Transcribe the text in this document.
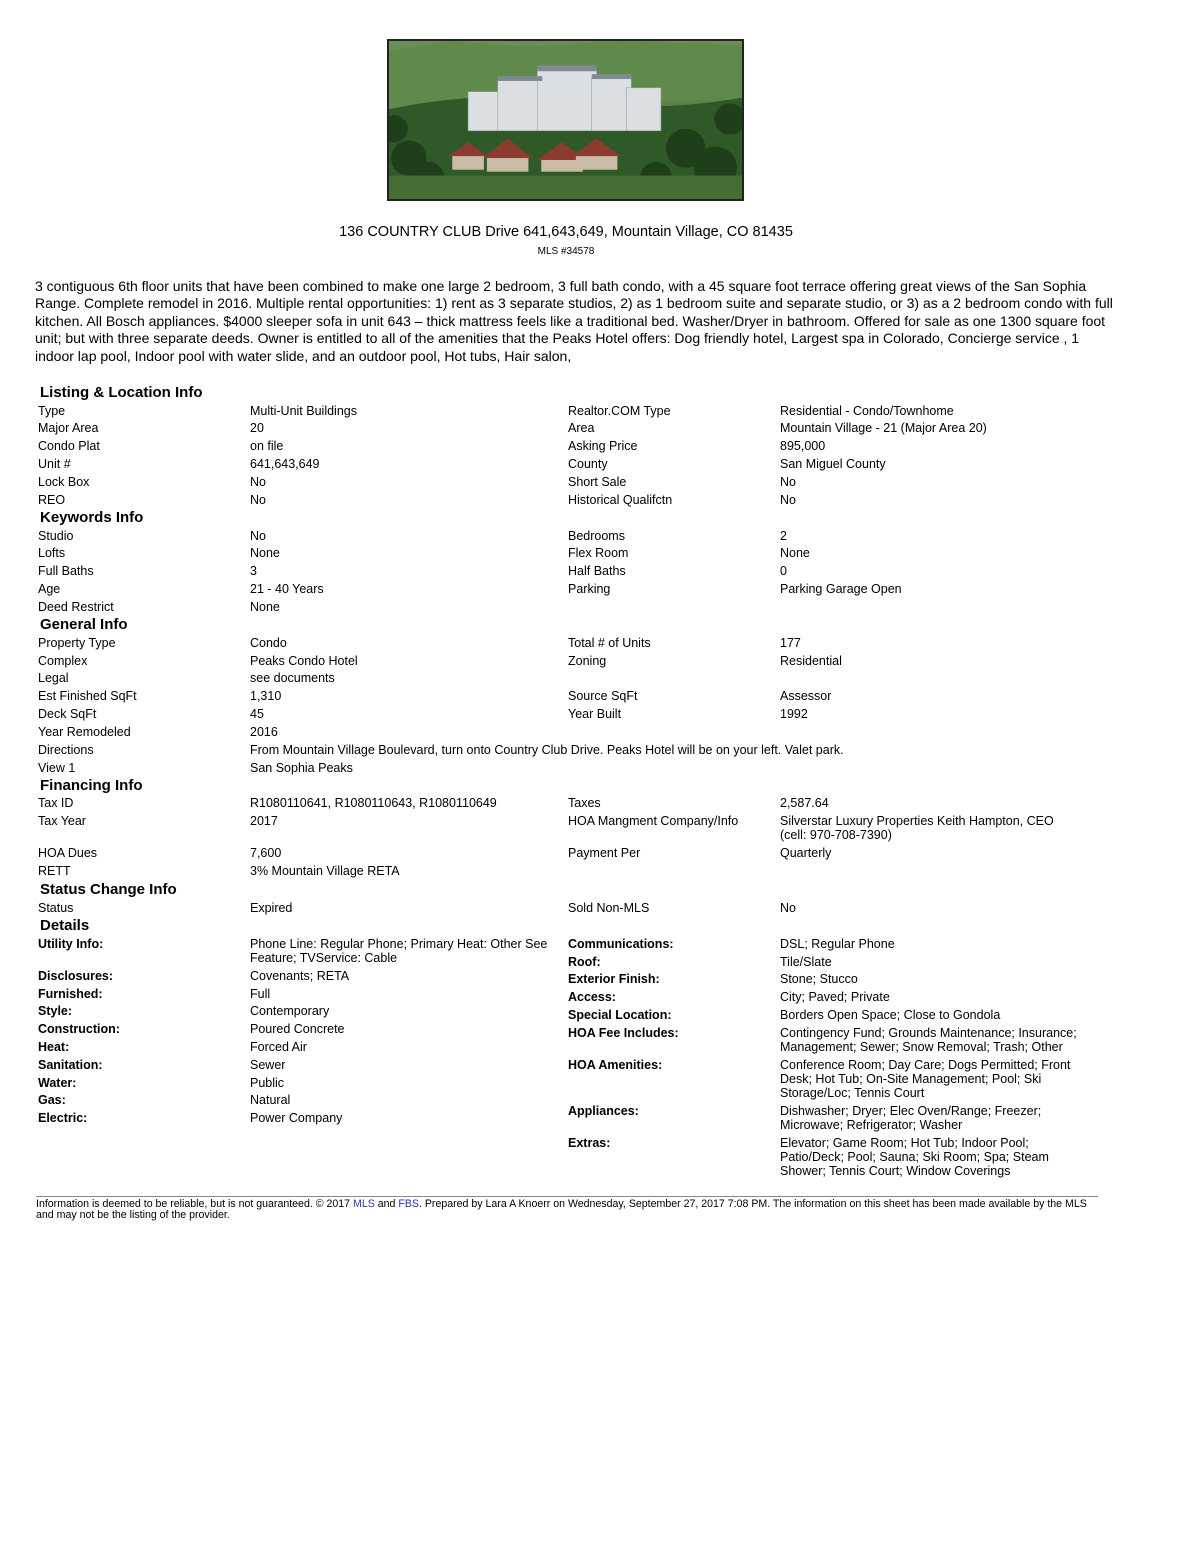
136 COUNTRY CLUB Drive 641,643,649, Mountain Village, CO 81435
MLS #34578
3 contiguous 6th floor units that have been combined to make one large 2 bedroom, 3 full bath condo, with a 45 square foot terrace offering great views of the San Sophia Range. Complete remodel in 2016. Multiple rental opportunities: 1) rent as 3 separate studios, 2) as 1 bedroom suite and separate studio, or 3) as a 2 bedroom condo with full kitchen. All Bosch appliances. $4000 sleeper sofa in unit 643 – thick mattress feels like a traditional bed. Washer/Dryer in bathroom. Offered for sale as one 1300 square foot unit; but with three separate deeds. Owner is entitled to all of the amenities that the Peaks Hotel offers: Dog friendly hotel, Largest spa in Colorado, Concierge service , 1 indoor lap pool, Indoor pool with water slide, and an outdoor pool, Hot tubs, Hair salon,
Listing & Location Info
Type	Multi-Unit Buildings	Realtor.COM Type	Residential - Condo/Townhome
Major Area	20	Area	Mountain Village - 21 (Major Area 20)
Condo Plat	on file	Asking Price	895,000
Unit #	641,643,649	County	San Miguel County
Lock Box	No	Short Sale	No
REO	No	Historical Qualifctn	No
Keywords Info
Studio	No	Bedrooms	2
Lofts	None	Flex Room	None
Full Baths	3	Half Baths	0
Age	21 - 40 Years	Parking	Parking Garage Open
Deed Restrict	None
General Info
Property Type	Condo	Total # of Units	177
Complex	Peaks Condo Hotel	Zoning	Residential
Legal	see documents
Est Finished SqFt	1,310	Source SqFt	Assessor
Deck SqFt	45	Year Built	1992
Year Remodeled	2016
Directions	From Mountain Village Boulevard, turn onto Country Club Drive. Peaks Hotel will be on your left. Valet park.
View 1	San Sophia Peaks
Financing Info
Tax ID	R1080110641, R1080110643, R1080110649	Taxes	2,587.64
Tax Year	2017	HOA Mangment Company/Info	Silverstar Luxury Properties Keith Hampton, CEO (cell: 970-708-7390)
HOA Dues	7,600	Payment Per	Quarterly
RETT	3% Mountain Village RETA
Status Change Info
Status	Expired	Sold Non-MLS	No
Details
Utility Info:	Phone Line: Regular Phone; Primary Heat: Other See Feature; TVService: Cable
Communications:	DSL; Regular Phone
Roof:	Tile/Slate
Disclosures:	Covenants; RETA	Exterior Finish:	Stone; Stucco
Furnished:	Full	Access:	City; Paved; Private
Style:	Contemporary	Special Location:	Borders Open Space; Close to Gondola
Construction:	Poured Concrete	HOA Fee Includes:	Contingency Fund; Grounds Maintenance; Insurance; Management; Sewer; Snow Removal; Trash; Other
Heat:	Forced Air
Sanitation:	Sewer	HOA Amenities:	Conference Room; Day Care; Dogs Permitted; Front Desk; Hot Tub; On-Site Management; Pool; Ski Storage/Loc; Tennis Court
Water:	Public
Gas:	Natural
Appliances:	Dishwasher; Dryer; Elec Oven/Range; Freezer; Microwave; Refrigerator; Washer
Electric:	Power Company
Extras:	Elevator; Game Room; Hot Tub; Indoor Pool; Patio/Deck; Pool; Sauna; Ski Room; Spa; Steam Shower; Tennis Court; Window Coverings
Information is deemed to be reliable, but is not guaranteed. © 2017 MLS and FBS. Prepared by Lara A Knoerr on Wednesday, September 27, 2017 7:08 PM. The information on this sheet has been made available by the MLS and may not be the listing of the provider.
